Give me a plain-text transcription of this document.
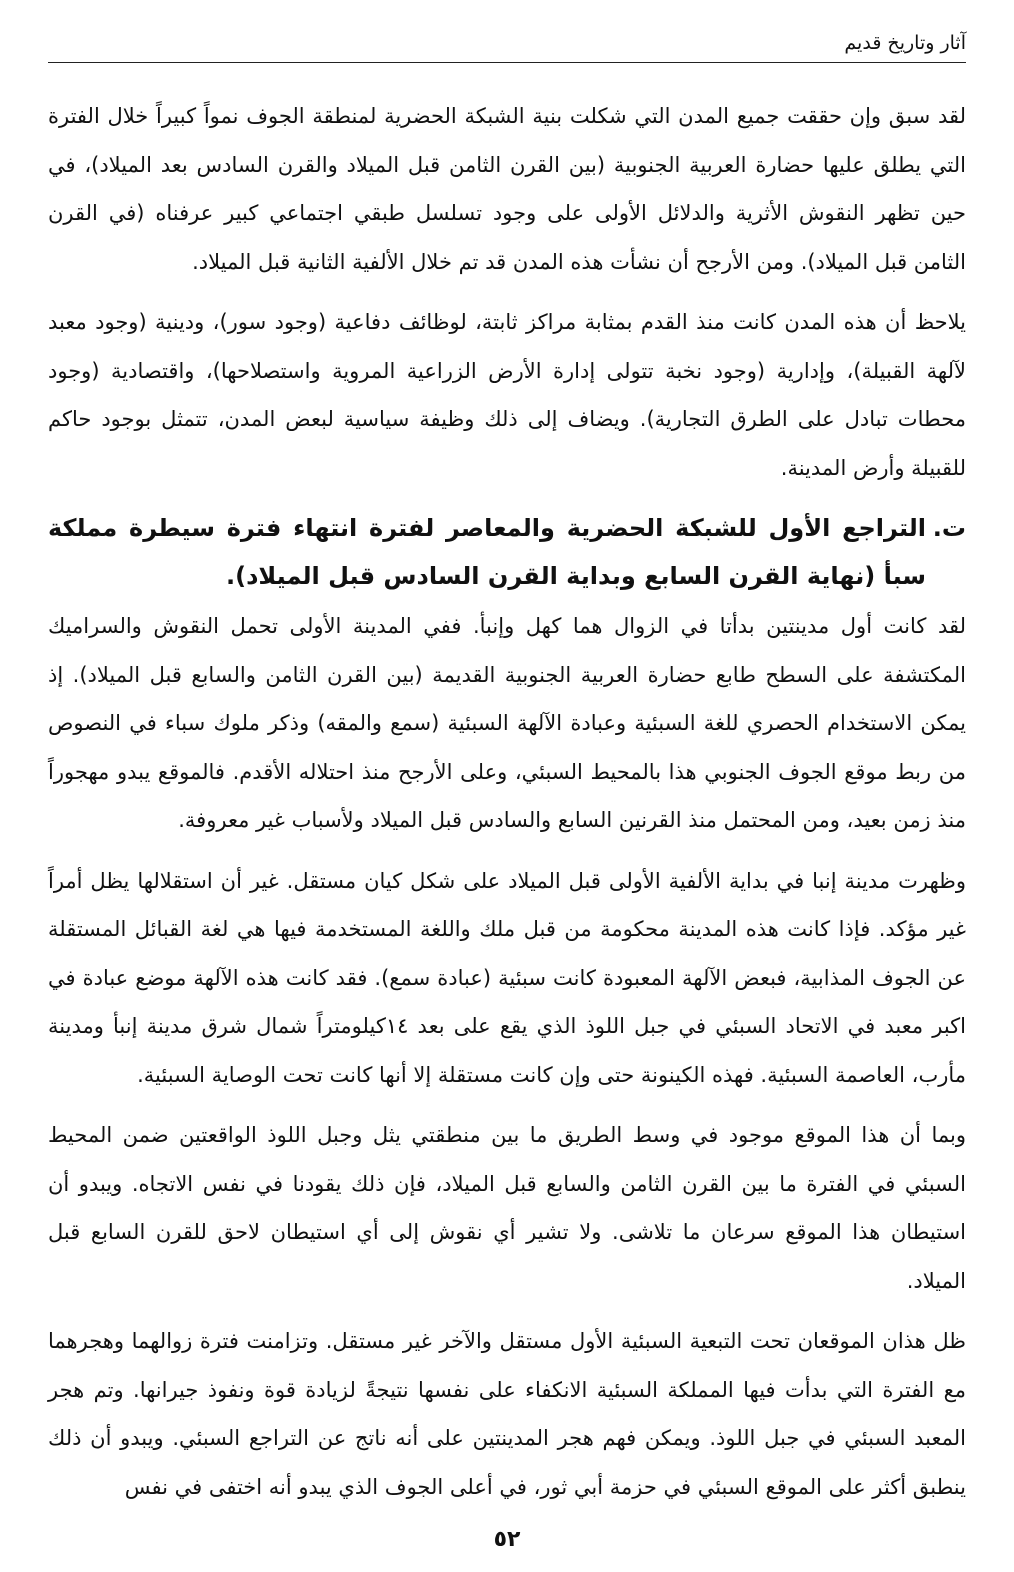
آثار وتاريخ قديم

لقد سبق وإن حققت جميع المدن التي شكلت بنية الشبكة الحضرية لمنطقة الجوف نمواً كبيراً خلال الفترة التي يطلق عليها حضارة العربية الجنوبية (بين القرن الثامن قبل الميلاد والقرن السادس بعد الميلاد)، في حين تظهر النقوش الأثرية والدلائل الأولى على وجود تسلسل طبقي اجتماعي كبير عرفناه (في القرن الثامن قبل الميلاد). ومن الأرجح أن نشأت هذه المدن قد تم خلال الألفية الثانية قبل الميلاد.

يلاحظ أن هذه المدن كانت منذ القدم بمثابة مراكز ثابتة، لوظائف دفاعية (وجود سور)، ودينية (وجود معبد لآلهة القبيلة)، وإدارية (وجود نخبة تتولى إدارة الأرض الزراعية المروية واستصلاحها)، واقتصادية (وجود محطات تبادل على الطرق التجارية). ويضاف إلى ذلك وظيفة سياسية لبعض المدن، تتمثل بوجود حاكم للقبيلة وأرض المدينة.

ت.
التراجع الأول للشبكة الحضرية والمعاصر لفترة انتهاء فترة سيطرة مملكة سبأ (نهاية القرن السابع وبداية القرن السادس قبل الميلاد).

لقد كانت أول مدينتين بدأتا في الزوال هما كهل وإنبأ. ففي المدينة الأولى تحمل النقوش والسراميك المكتشفة على السطح طابع حضارة العربية الجنوبية القديمة (بين القرن الثامن والسابع قبل الميلاد). إذ يمكن الاستخدام الحصري للغة السبئية وعبادة الآلهة السبئية (سمع والمقه) وذكر ملوك سباء في النصوص من ربط موقع الجوف الجنوبي هذا بالمحيط السبئي، وعلى الأرجح منذ احتلاله الأقدم. فالموقع يبدو مهجوراً منذ زمن بعيد، ومن المحتمل منذ القرنين السابع والسادس قبل الميلاد ولأسباب غير معروفة.

وظهرت مدينة إنبا في بداية الألفية الأولى قبل الميلاد على شكل كيان مستقل. غير أن استقلالها يظل أمراً غير مؤكد. فإذا كانت هذه المدينة محكومة من قبل ملك واللغة المستخدمة فيها هي لغة القبائل المستقلة عن الجوف المذابية، فبعض الآلهة المعبودة كانت سبئية (عبادة سمع). فقد كانت هذه الآلهة موضع عبادة في اكبر معبد في الاتحاد السبئي في جبل اللوذ الذي يقع على بعد ١٤كيلومتراً شمال شرق مدينة إنبأ ومدينة مأرب، العاصمة السبئية. فهذه الكينونة حتى وإن كانت مستقلة إلا أنها كانت تحت الوصاية السبئية.

وبما أن هذا الموقع موجود في وسط الطريق ما بين منطقتي يثل وجبل اللوذ الواقعتين ضمن المحيط السبئي في الفترة ما بين القرن الثامن والسابع قبل الميلاد، فإن ذلك يقودنا في نفس الاتجاه. ويبدو أن استيطان هذا الموقع سرعان ما تلاشى. ولا تشير أي نقوش إلى أي استيطان لاحق للقرن السابع قبل الميلاد.

ظل هذان الموقعان تحت التبعية السبئية الأول مستقل والآخر غير مستقل. وتزامنت فترة زوالهما وهجرهما مع الفترة التي بدأت فيها المملكة السبئية الانكفاء على نفسها نتيجةً لزيادة قوة ونفوذ جيرانها. وتم هجر المعبد السبئي في جبل اللوذ. ويمكن فهم هجر المدينتين على أنه ناتج عن التراجع السبئي. ويبدو أن ذلك ينطبق أكثر على الموقع السبئي في حزمة أبي ثور، في أعلى الجوف الذي يبدو أنه اختفى في نفس

٥٢
